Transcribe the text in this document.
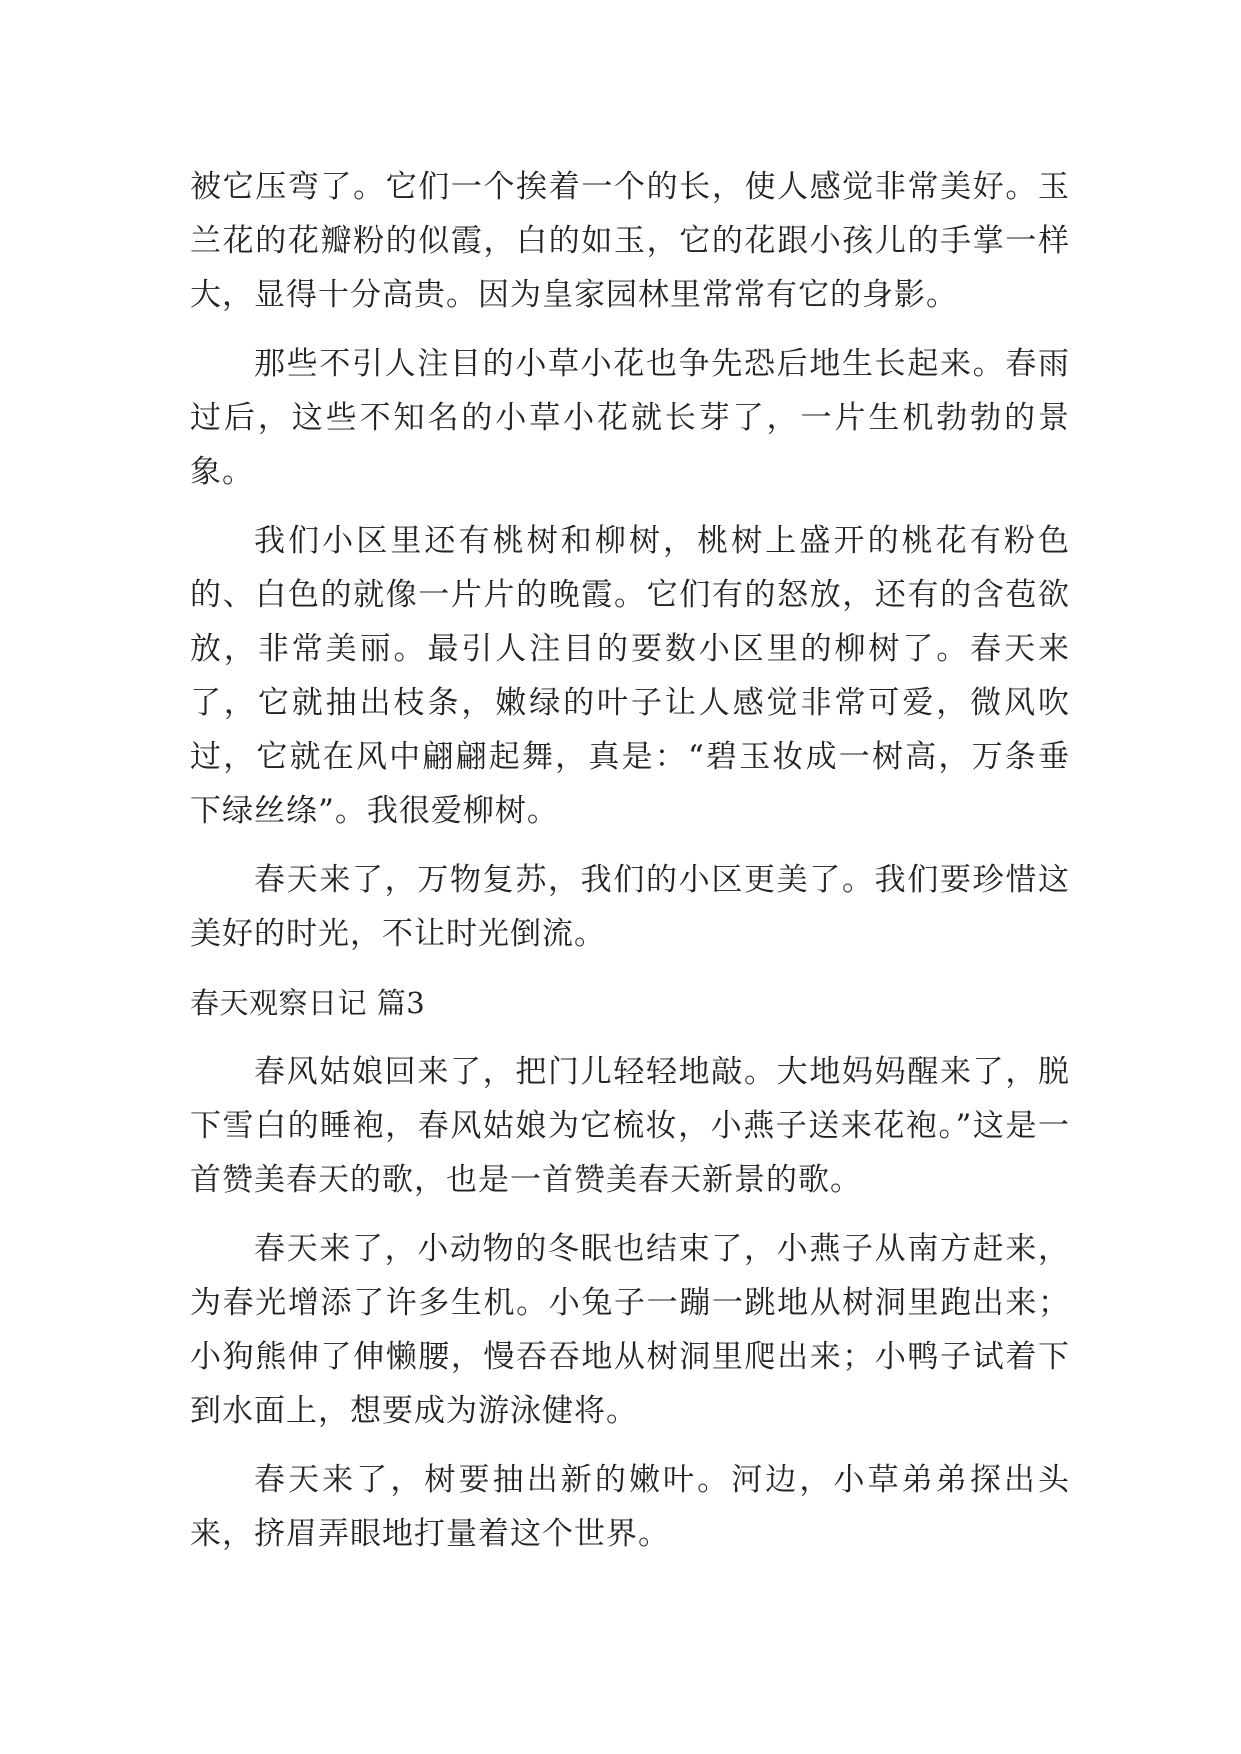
被它压弯了。它们一个挨着一个的长，使人感觉非常美好。玉兰花的花瓣粉的似霞，白的如玉，它的花跟小孩儿的手掌一样大，显得十分高贵。因为皇家园林里常常有它的身影。

那些不引人注目的小草小花也争先恐后地生长起来。春雨过后，这些不知名的小草小花就长芽了，一片生机勃勃的景象。

我们小区里还有桃树和柳树，桃树上盛开的桃花有粉色的、白色的就像一片片的晚霞。它们有的怒放，还有的含苞欲放，非常美丽。最引人注目的要数小区里的柳树了。春天来了，它就抽出枝条，嫩绿的叶子让人感觉非常可爱，微风吹过，它就在风中翩翩起舞，真是：“碧玉妆成一树高，万条垂下绿丝绦”。我很爱柳树。

春天来了，万物复苏，我们的小区更美了。我们要珍惜这美好的时光，不让时光倒流。

春天观察日记 篇3

春风姑娘回来了，把门儿轻轻地敲。大地妈妈醒来了，脱下雪白的睡袍，春风姑娘为它梳妆，小燕子送来花袍。”这是一首赞美春天的歌，也是一首赞美春天新景的歌。

春天来了，小动物的冬眠也结束了，小燕子从南方赶来，为春光增添了许多生机。小兔子一蹦一跳地从树洞里跑出来；小狗熊伸了伸懒腰，慢吞吞地从树洞里爬出来；小鸭子试着下到水面上，想要成为游泳健将。

春天来了，树要抽出新的嫩叶。河边，小草弟弟探出头来，挤眉弄眼地打量着这个世界。
